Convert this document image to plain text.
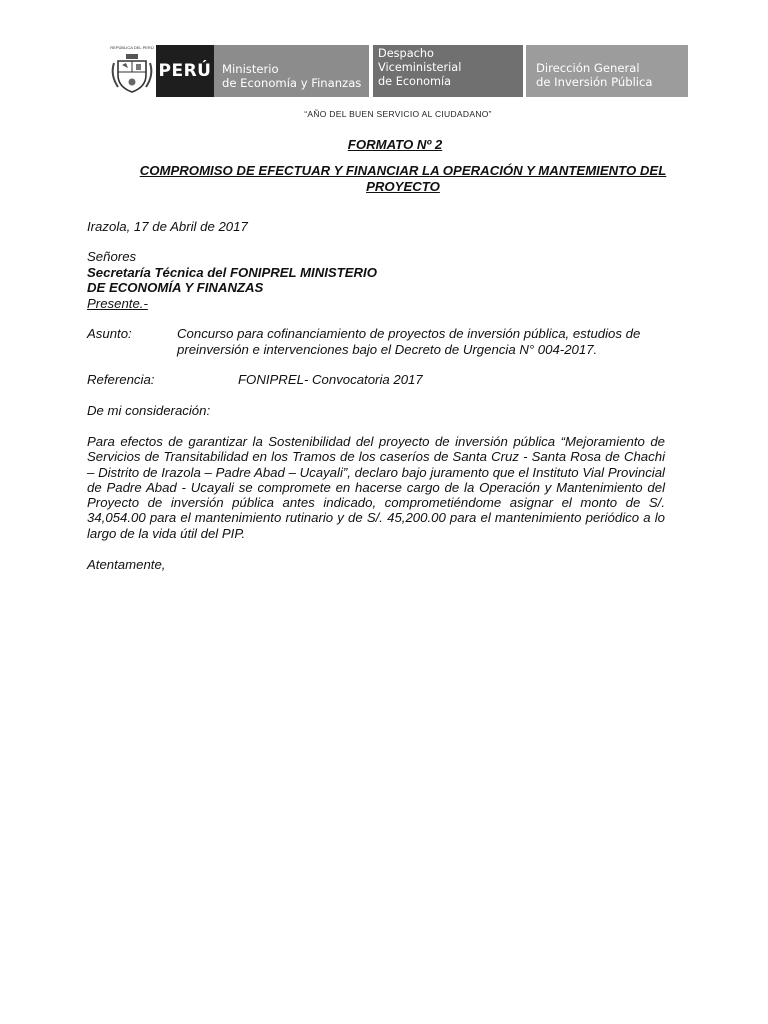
REPÚBLICA DEL PERÚ
PERÚ Ministerio
de Economía y Finanzas
Despacho
Viceministerial
de Economía
Dirección General
de Inversión Pública
“AÑO DEL BUEN SERVICIO AL CIUDADANO”
FORMATO Nº 2
COMPROMISO DE EFECTUAR Y FINANCIAR LA OPERACIÓN Y MANTEMIENTO DEL PROYECTO
Irazola, 17 de Abril de 2017
Señores
Secretaría Técnica del FONIPREL MINISTERIO
DE ECONOMÍA Y FINANZAS
Presente.-
Asunto:	Concurso para cofinanciamiento de proyectos de inversión pública, estudios de preinversión e intervenciones bajo el Decreto de Urgencia N° 004-2017.
Referencia:	FONIPREL- Convocatoria 2017
De mi consideración:
Para efectos de garantizar la Sostenibilidad del proyecto de inversión pública “Mejoramiento de Servicios de Transitabilidad en los Tramos de los caseríos de Santa Cruz - Santa Rosa de Chachi – Distrito de Irazola – Padre Abad – Ucayali”, declaro bajo juramento que el Instituto Vial Provincial de Padre Abad - Ucayali se compromete en hacerse cargo de la Operación y Mantenimiento del Proyecto de inversión pública antes indicado, comprometiéndome asignar el monto de S/. 34,054.00 para el mantenimiento rutinario y de S/. 45,200.00 para el mantenimiento periódico a lo largo de la vida útil del PIP.
Atentamente,
